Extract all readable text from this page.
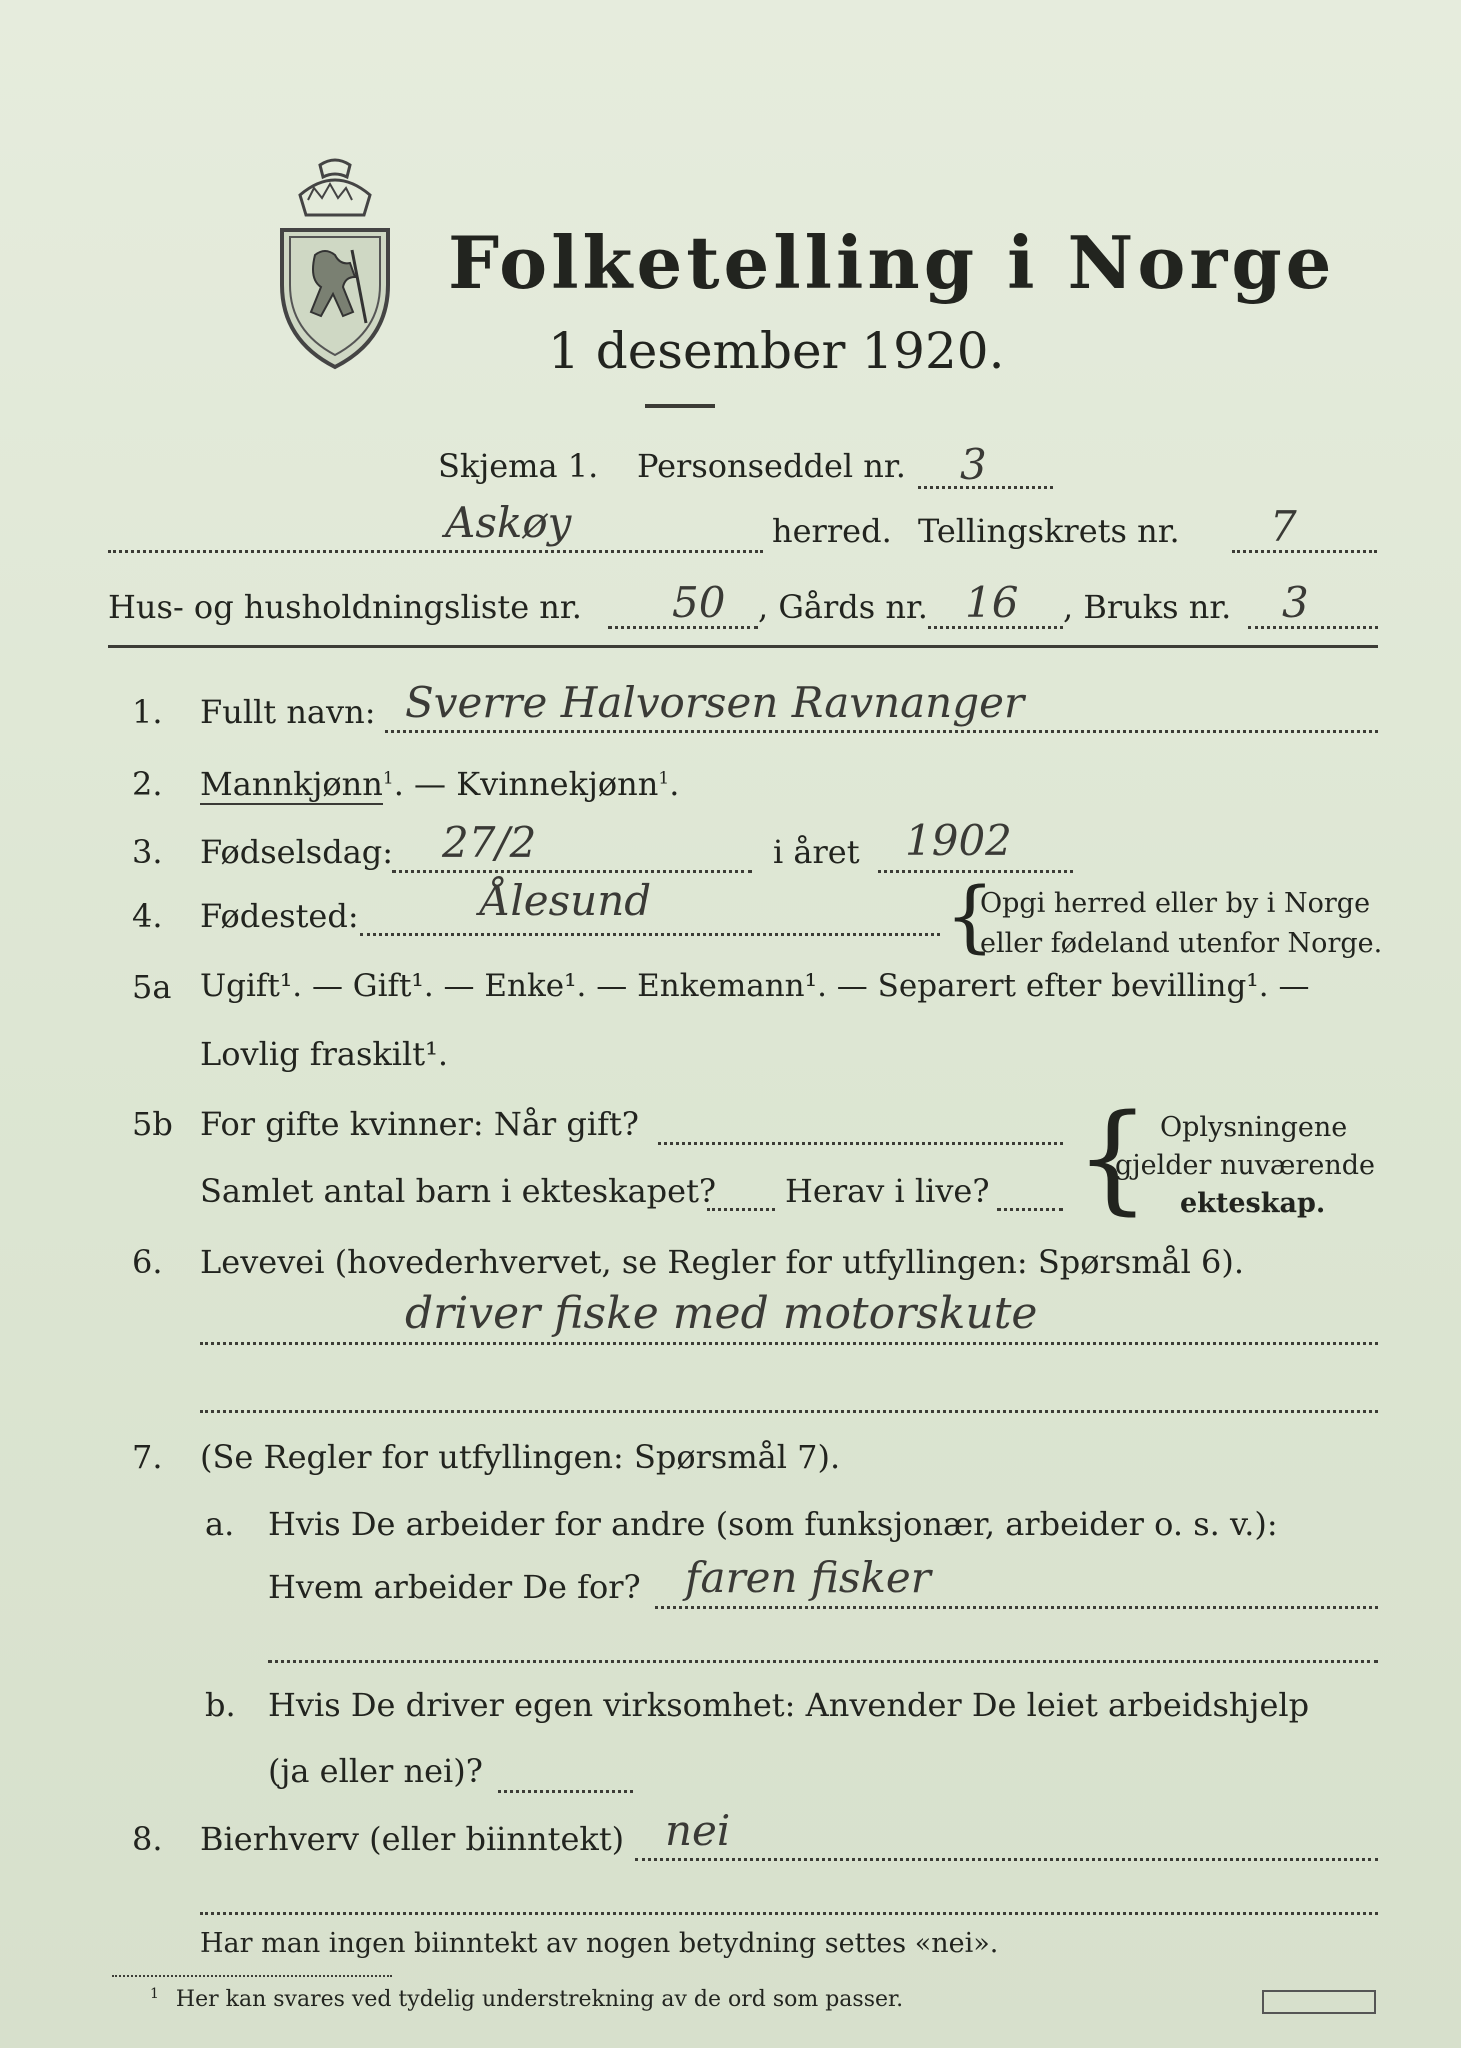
Folketelling i Norge
1 desember 1920.
Skjema 1. Personseddel nr. 3
Askøy	herred. Tellingskrets nr. 7
Hus- og husholdningsliste nr. 50 , Gårds nr. 16 , Bruks nr. 3
1. Fullt navn: Sverre Halvorsen Ravnanger
2. Mannkjønn$^1$. — Kvinnekjønn$^1$.
3. Fødselsdag: 27/2	i året 1902
4. Fødested:	Ålesund	{
Opgi herred eller by i Norge
eller fødeland utenfor Norge.
5a Ugift¹. — Gift¹. — Enke¹. — Enkemann¹. — Separert efter bevilling¹. —
Lovlig fraskilt¹.
5b For gifte kvinner: Når gift?
Samlet antal barn i ekteskapet? Herav i live? { Oplysningene
gjelder nuværende
ekteskap.
6. Levevei (hovederhvervet, se Regler for utfyllingen: Spørsmål 6).
driver fiske med motorskute
7. (Se Regler for utfyllingen: Spørsmål 7).
a. Hvis De arbeider for andre (som funksjonær, arbeider o. s. v.):
Hvem arbeider De for? faren fisker
b. Hvis De driver egen virksomhet: Anvender De leiet arbeidshjelp
(ja eller nei)?
8. Bierhverv (eller biinntekt) nei
Har man ingen biinntekt av nogen betydning settes «nei».
$^1$ Her kan svares ved tydelig understrekning av de ord som passer.
